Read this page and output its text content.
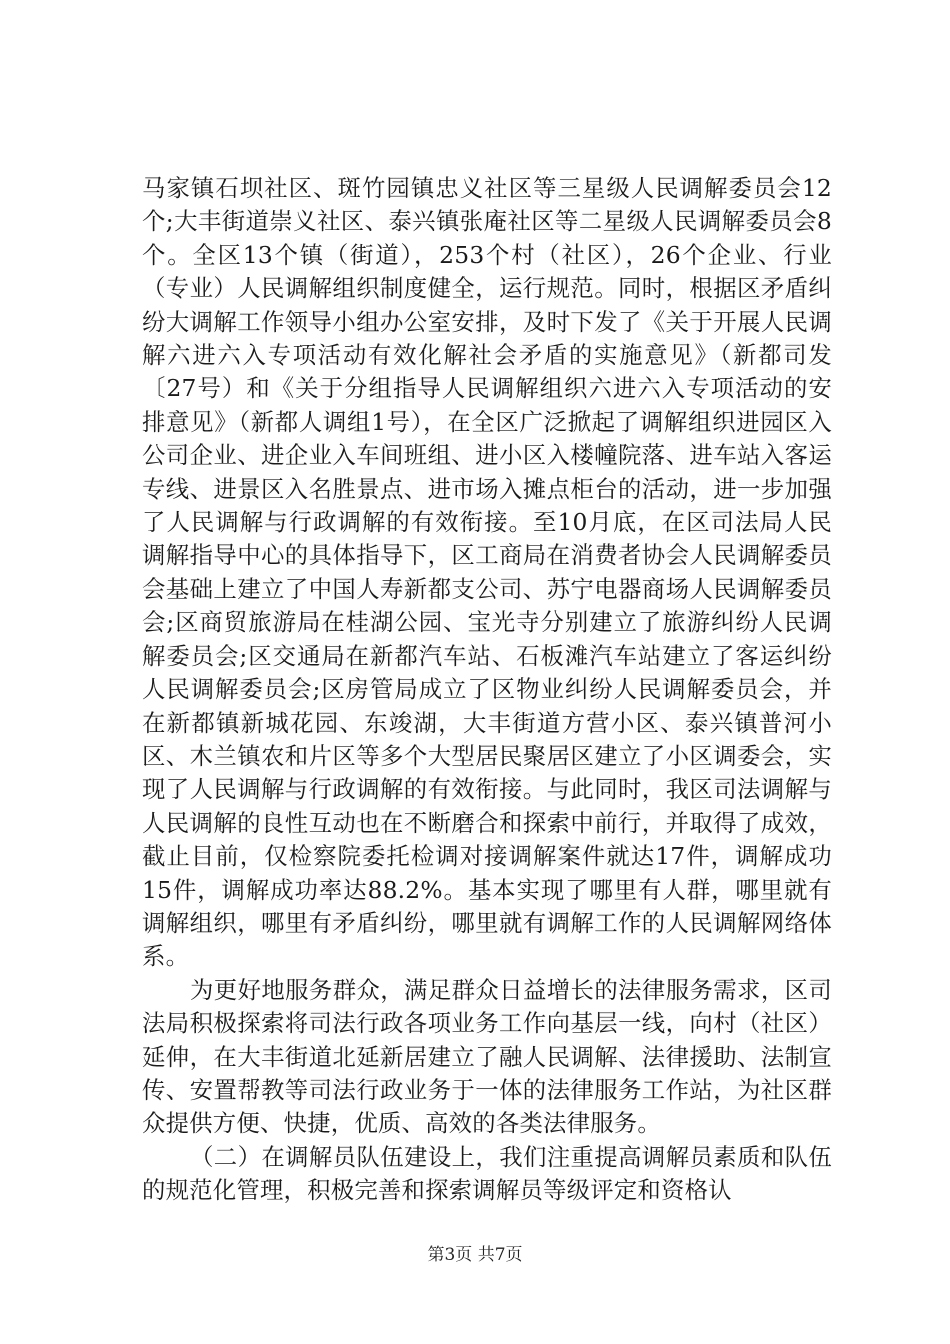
马家镇石坝社区、斑竹园镇忠义社区等三星级人民调解委员会12个;大丰街道崇义社区、泰兴镇张庵社区等二星级人民调解委员会8个。全区13个镇（街道），253个村（社区），26个企业、行业（专业）人民调解组织制度健全，运行规范。同时，根据区矛盾纠纷大调解工作领导小组办公室安排，及时下发了《关于开展人民调解六进六入专项活动有效化解社会矛盾的实施意见》（新都司发〔27号）和《关于分组指导人民调解组织六进六入专项活动的安排意见》（新都人调组1号），在全区广泛掀起了调解组织进园区入公司企业、进企业入车间班组、进小区入楼幢院落、进车站入客运专线、进景区入名胜景点、进市场入摊点柜台的活动，进一步加强了人民调解与行政调解的有效衔接。至10月底，在区司法局人民调解指导中心的具体指导下，区工商局在消费者协会人民调解委员会基础上建立了中国人寿新都支公司、苏宁电器商场人民调解委员会;区商贸旅游局在桂湖公园、宝光寺分别建立了旅游纠纷人民调解委员会;区交通局在新都汽车站、石板滩汽车站建立了客运纠纷人民调解委员会;区房管局成立了区物业纠纷人民调解委员会，并在新都镇新城花园、东竣湖，大丰街道方营小区、泰兴镇普河小区、木兰镇农和片区等多个大型居民聚居区建立了小区调委会，实现了人民调解与行政调解的有效衔接。与此同时，我区司法调解与人民调解的良性互动也在不断磨合和探索中前行，并取得了成效，截止目前，仅检察院委托检调对接调解案件就达17件，调解成功15件，调解成功率达88.2%。基本实现了哪里有人群，哪里就有调解组织，哪里有矛盾纠纷，哪里就有调解工作的人民调解网络体系。

为更好地服务群众，满足群众日益增长的法律服务需求，区司法局积极探索将司法行政各项业务工作向基层一线，向村（社区）延伸，在大丰街道北延新居建立了融人民调解、法律援助、法制宣传、安置帮教等司法行政业务于一体的法律服务工作站，为社区群众提供方便、快捷，优质、高效的各类法律服务。

（二）在调解员队伍建设上，我们注重提高调解员素质和队伍的规范化管理，积极完善和探索调解员等级评定和资格认

第3页 共7页
